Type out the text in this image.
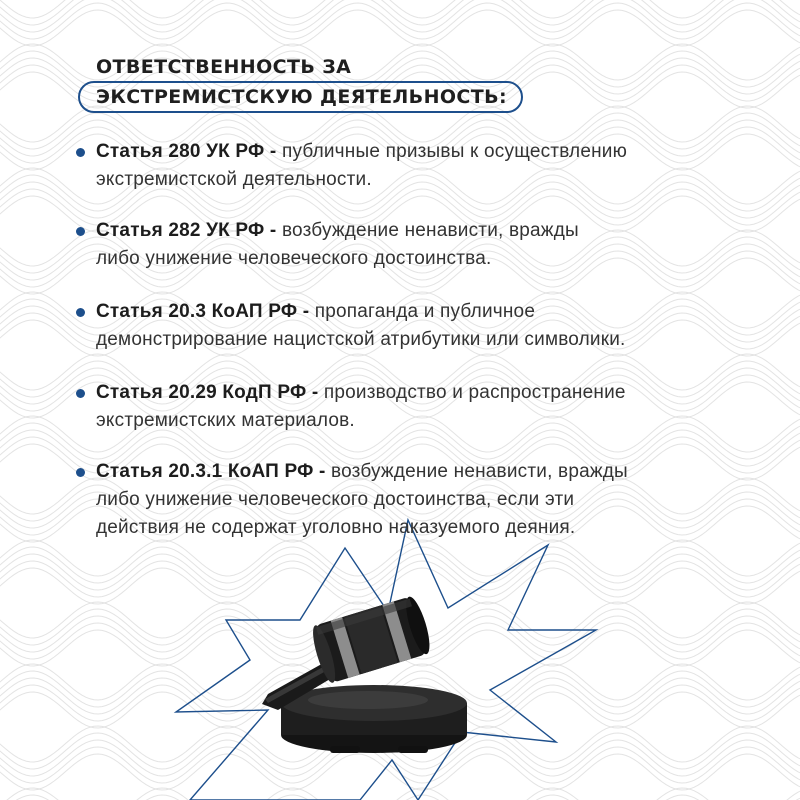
ОТВЕТСТВЕННОСТЬ ЗА
ЭКСТРЕМИСТСКУЮ ДЕЯТЕЛЬНОСТЬ:
Статья 280 УК РФ - публичные призывы к осуществлению
экстремистской деятельности.
Статья 282 УК РФ - возбуждение ненависти, вражды
либо унижение человеческого достоинства.
Статья 20.3 КоАП РФ - пропаганда и публичное
демонстрирование нацистской атрибутики или символики.
Статья 20.29 КодП РФ - производство и распространение
экстремистских материалов.
Статья 20.3.1 КоАП РФ - возбуждение ненависти, вражды
либо унижение человеческого достоинства, если эти
действия не содержат уголовно наказуемого деяния.
